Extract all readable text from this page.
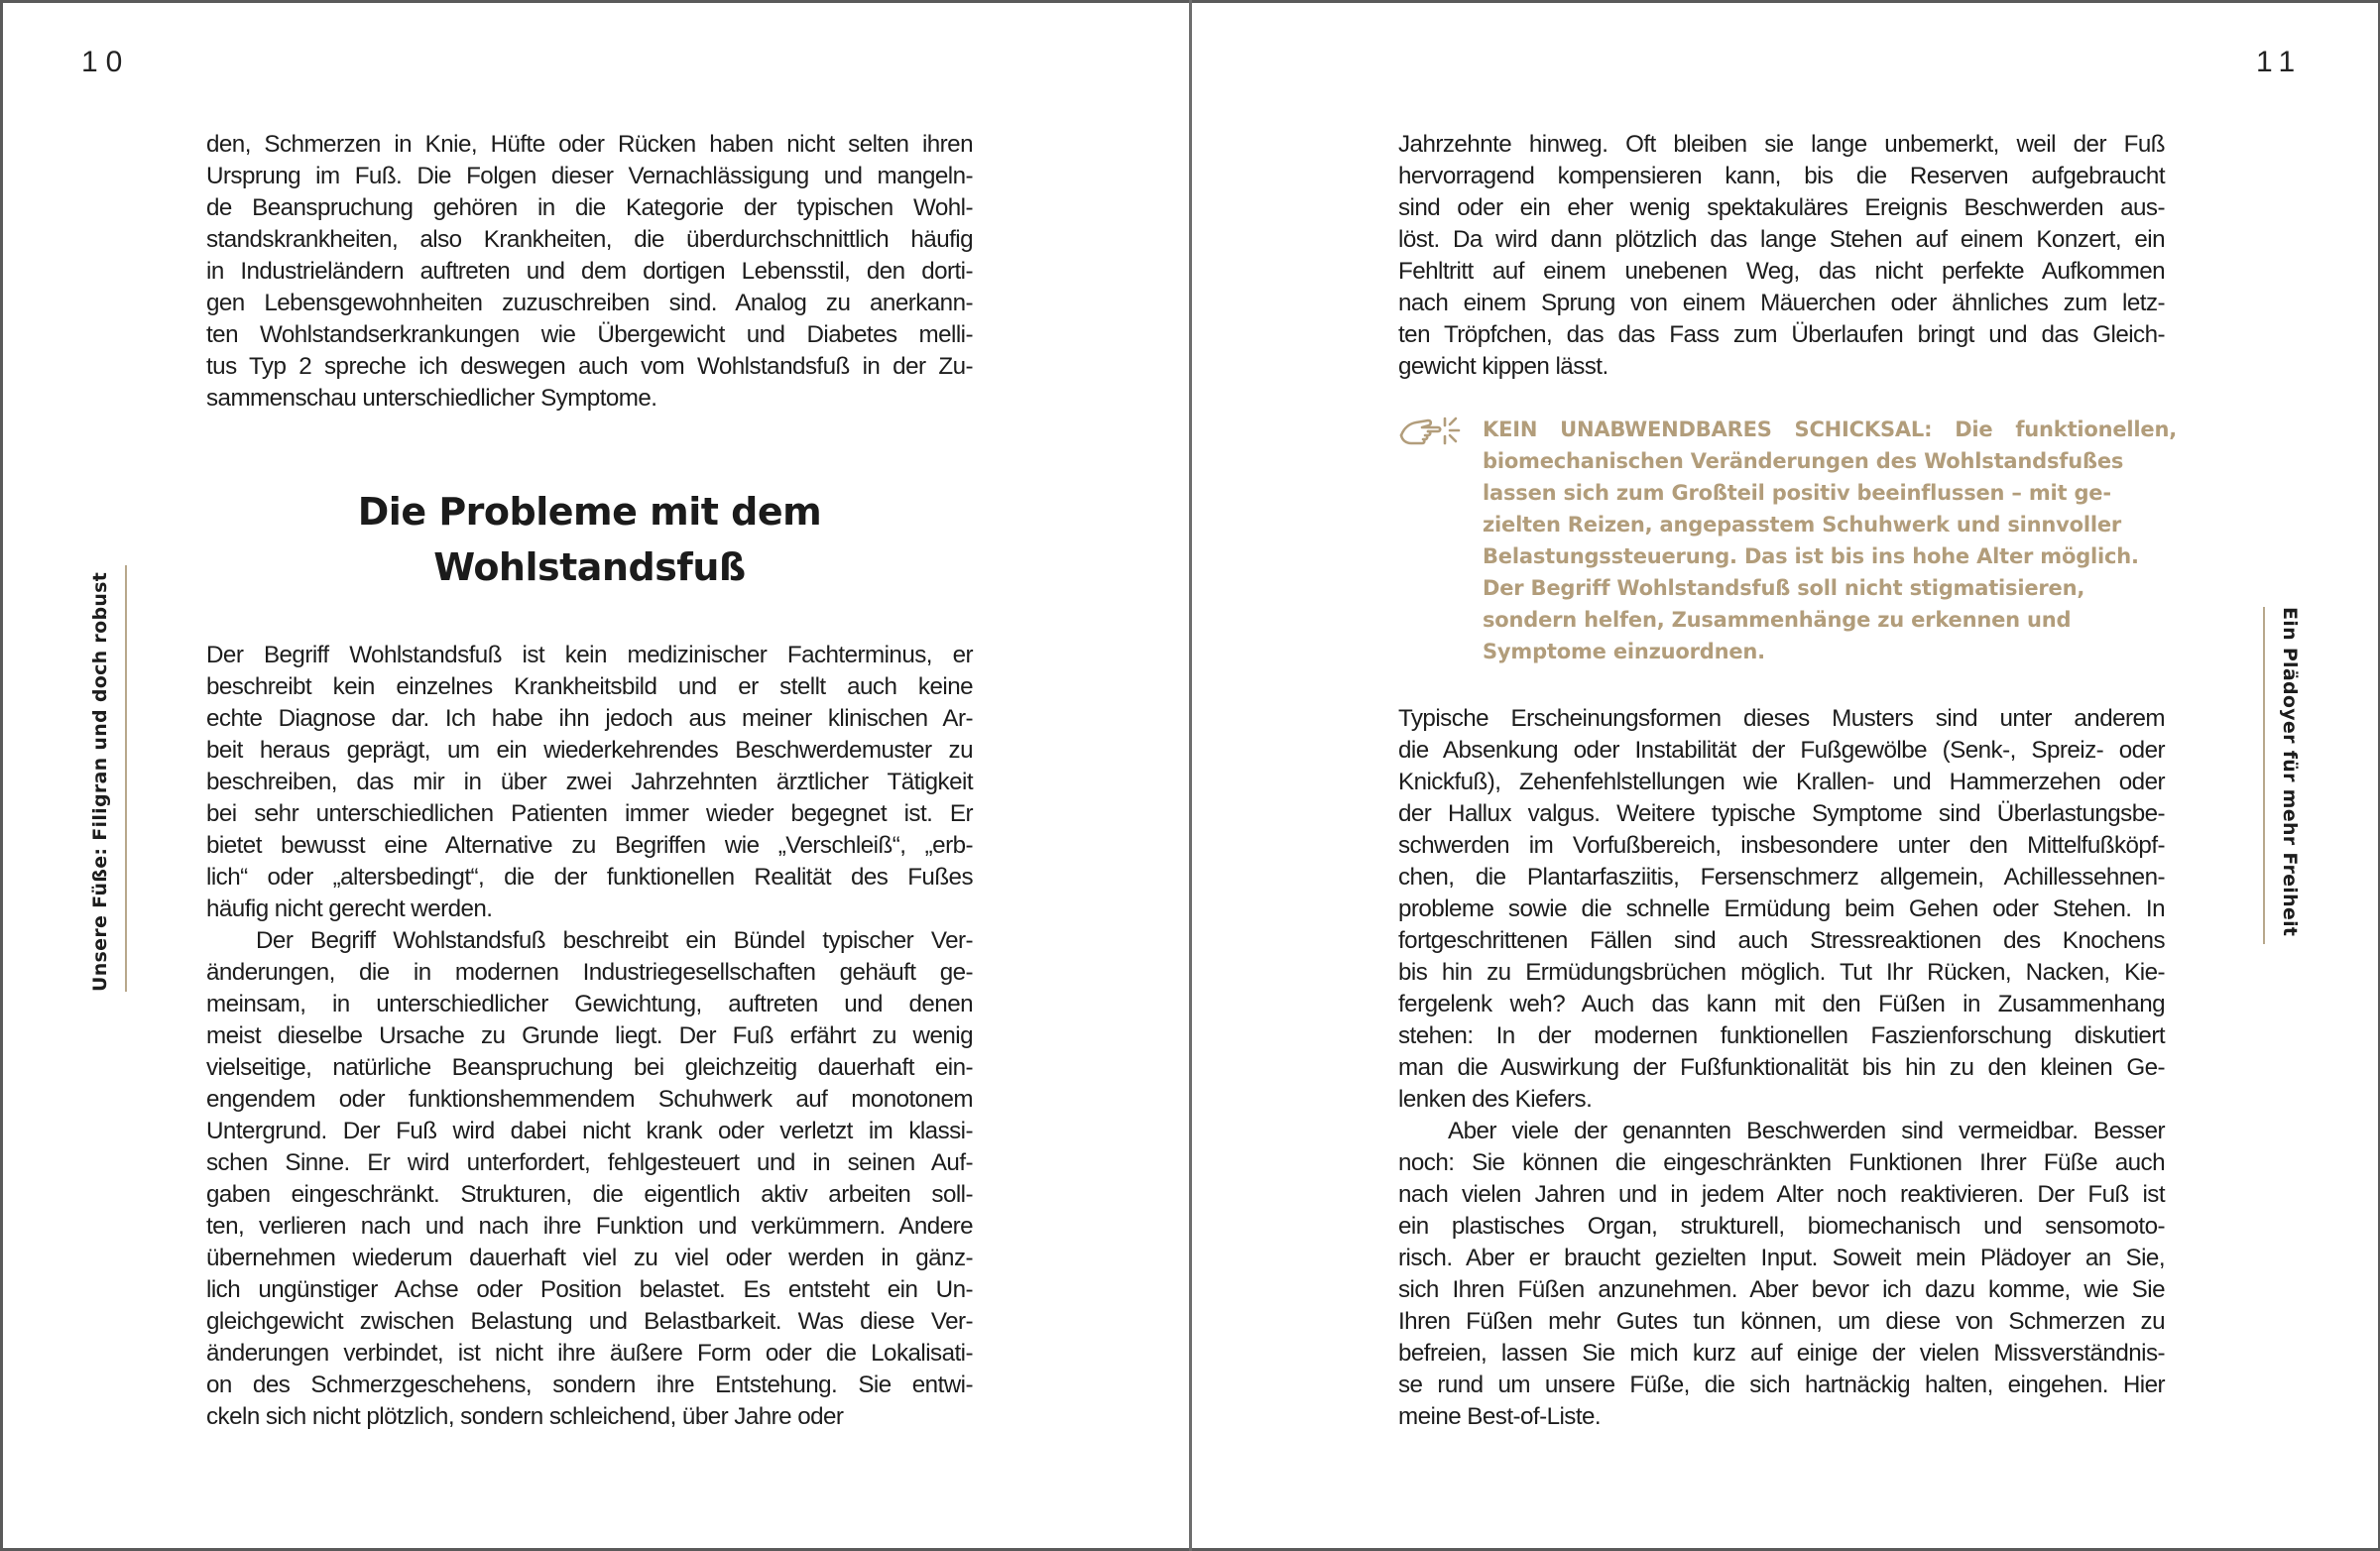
10
Unsere Füße: Filigran und doch robust
den, Schmerzen in Knie, Hüfte oder Rücken haben nicht selten ihren
Ursprung im Fuß. Die Folgen dieser Vernachlässigung und mangeln-
de Beanspruchung gehören in die Kategorie der typischen Wohl-
standskrankheiten, also Krankheiten, die überdurchschnittlich häufig
in Industrieländern auftreten und dem dortigen Lebensstil, den dorti-
gen Lebensgewohnheiten zuzuschreiben sind. Analog zu anerkann-
ten Wohlstandserkrankungen wie Übergewicht und Diabetes melli-
tus Typ 2 spreche ich deswegen auch vom Wohlstandsfuß in der Zu-
sammenschau unterschiedlicher Symptome.
Die Probleme mit dem
Wohlstandsfuß
Der Begriff Wohlstandsfuß ist kein medizinischer Fachterminus, er
beschreibt kein einzelnes Krankheitsbild und er stellt auch keine
echte Diagnose dar. Ich habe ihn jedoch aus meiner klinischen Ar-
beit heraus geprägt, um ein wiederkehrendes Beschwerdemuster zu
beschreiben, das mir in über zwei Jahrzehnten ärztlicher Tätigkeit
bei sehr unterschiedlichen Patienten immer wieder begegnet ist. Er
bietet bewusst eine Alternative zu Begriffen wie „Verschleiß“, „erb-
lich“ oder „altersbedingt“, die der funktionellen Realität des Fußes
häufig nicht gerecht werden.
Der Begriff Wohlstandsfuß beschreibt ein Bündel typischer Ver-
änderungen, die in modernen Industriegesellschaften gehäuft ge-
meinsam, in unterschiedlicher Gewichtung, auftreten und denen
meist dieselbe Ursache zu Grunde liegt. Der Fuß erfährt zu wenig
vielseitige, natürliche Beanspruchung bei gleichzeitig dauerhaft ein-
engendem oder funktionshemmendem Schuhwerk auf monotonem
Untergrund. Der Fuß wird dabei nicht krank oder verletzt im klassi-
schen Sinne. Er wird unterfordert, fehlgesteuert und in seinen Auf-
gaben eingeschränkt. Strukturen, die eigentlich aktiv arbeiten soll-
ten, verlieren nach und nach ihre Funktion und verkümmern. Andere
übernehmen wiederum dauerhaft viel zu viel oder werden in gänz-
lich ungünstiger Achse oder Position belastet. Es entsteht ein Un-
gleichgewicht zwischen Belastung und Belastbarkeit. Was diese Ver-
änderungen verbindet, ist nicht ihre äußere Form oder die Lokalisati-
on des Schmerzgeschehens, sondern ihre Entstehung. Sie entwi-
ckeln sich nicht plötzlich, sondern schleichend, über Jahre oder
11
Ein Plädoyer für mehr Freiheit
Jahrzehnte hinweg. Oft bleiben sie lange unbemerkt, weil der Fuß
hervorragend kompensieren kann, bis die Reserven aufgebraucht
sind oder ein eher wenig spektakuläres Ereignis Beschwerden aus-
löst. Da wird dann plötzlich das lange Stehen auf einem Konzert, ein
Fehltritt auf einem unebenen Weg, das nicht perfekte Aufkommen
nach einem Sprung von einem Mäuerchen oder ähnliches zum letz-
ten Tröpfchen, das das Fass zum Überlaufen bringt und das Gleich-
gewicht kippen lässt.
KEIN UNABWENDBARES SCHICKSAL: Die funktionellen,
biomechanischen Veränderungen des Wohlstandsfußes
lassen sich zum Großteil positiv beeinflussen – mit ge-
zielten Reizen, angepasstem Schuhwerk und sinnvoller
Belastungssteuerung. Das ist bis ins hohe Alter möglich.
Der Begriff Wohlstandsfuß soll nicht stigmatisieren,
sondern helfen, Zusammenhänge zu erkennen und
Symptome einzuordnen.
Typische Erscheinungsformen dieses Musters sind unter anderem
die Absenkung oder Instabilität der Fußgewölbe (Senk-, Spreiz- oder
Knickfuß), Zehenfehlstellungen wie Krallen- und Hammerzehen oder
der Hallux valgus. Weitere typische Symptome sind Überlastungsbe-
schwerden im Vorfußbereich, insbesondere unter den Mittelfußköpf-
chen, die Plantarfasziitis, Fersenschmerz allgemein, Achillessehnen-
probleme sowie die schnelle Ermüdung beim Gehen oder Stehen. In
fortgeschrittenen Fällen sind auch Stressreaktionen des Knochens
bis hin zu Ermüdungsbrüchen möglich. Tut Ihr Rücken, Nacken, Kie-
fergelenk weh? Auch das kann mit den Füßen in Zusammenhang
stehen: In der modernen funktionellen Faszienforschung diskutiert
man die Auswirkung der Fußfunktionalität bis hin zu den kleinen Ge-
lenken des Kiefers.
Aber viele der genannten Beschwerden sind vermeidbar. Besser
noch: Sie können die eingeschränkten Funktionen Ihrer Füße auch
nach vielen Jahren und in jedem Alter noch reaktivieren. Der Fuß ist
ein plastisches Organ, strukturell, biomechanisch und sensomoto-
risch. Aber er braucht gezielten Input. Soweit mein Plädoyer an Sie,
sich Ihren Füßen anzunehmen. Aber bevor ich dazu komme, wie Sie
Ihren Füßen mehr Gutes tun können, um diese von Schmerzen zu
befreien, lassen Sie mich kurz auf einige der vielen Missverständnis-
se rund um unsere Füße, die sich hartnäckig halten, eingehen. Hier
meine Best-of-Liste.
